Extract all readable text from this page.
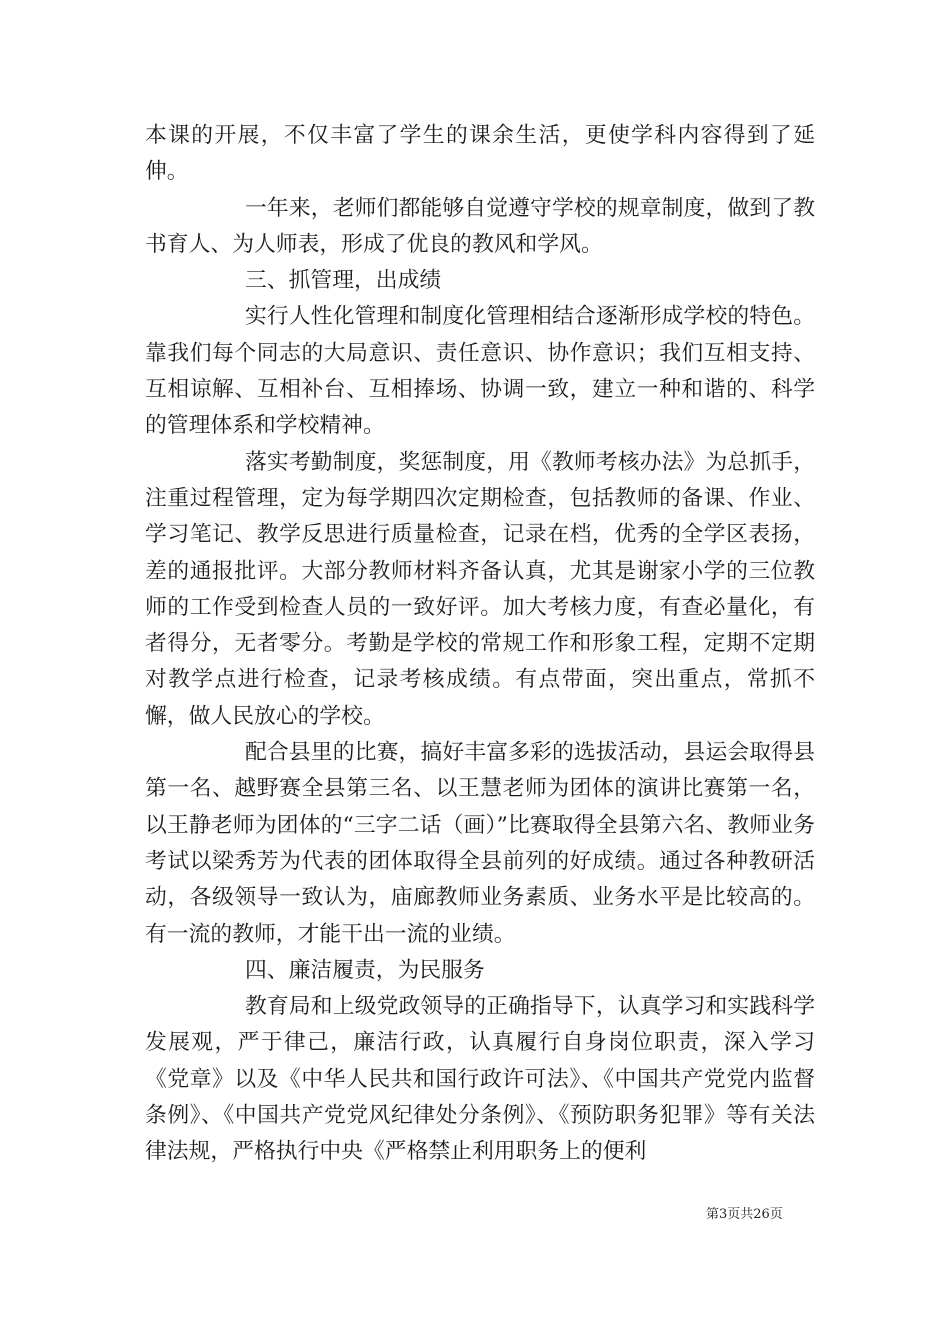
本课的开展，不仅丰富了学生的课余生活，更使学科内容得到了延伸。

一年来，老师们都能够自觉遵守学校的规章制度，做到了教书育人、为人师表，形成了优良的教风和学风。

三、抓管理，出成绩

实行人性化管理和制度化管理相结合逐渐形成学校的特色。靠我们每个同志的大局意识、责任意识、协作意识；我们互相支持、互相谅解、互相补台、互相捧场、协调一致，建立一种和谐的、科学的管理体系和学校精神。

落实考勤制度，奖惩制度，用《教师考核办法》为总抓手，注重过程管理，定为每学期四次定期检查，包括教师的备课、作业、学习笔记、教学反思进行质量检查，记录在档，优秀的全学区表扬，差的通报批评。大部分教师材料齐备认真，尤其是谢家小学的三位教师的工作受到检查人员的一致好评。加大考核力度，有查必量化，有者得分，无者零分。考勤是学校的常规工作和形象工程，定期不定期对教学点进行检查，记录考核成绩。有点带面，突出重点，常抓不懈，做人民放心的学校。

配合县里的比赛，搞好丰富多彩的选拔活动，县运会取得县第一名、越野赛全县第三名、以王慧老师为团体的演讲比赛第一名，以王静老师为团体的“三字二话（画）”比赛取得全县第六名、教师业务考试以梁秀芳为代表的团体取得全县前列的好成绩。通过各种教研活动，各级领导一致认为，庙廊教师业务素质、业务水平是比较高的。有一流的教师，才能干出一流的业绩。

四、廉洁履责，为民服务

教育局和上级党政领导的正确指导下，认真学习和实践科学发展观，严于律己，廉洁行政，认真履行自身岗位职责，深入学习《党章》以及《中华人民共和国行政许可法》、《中国共产党党内监督条例》、《中国共产党党风纪律处分条例》、《预防职务犯罪》等有关法律法规，严格执行中央《严格禁止利用职务上的便利

第3页共26页
